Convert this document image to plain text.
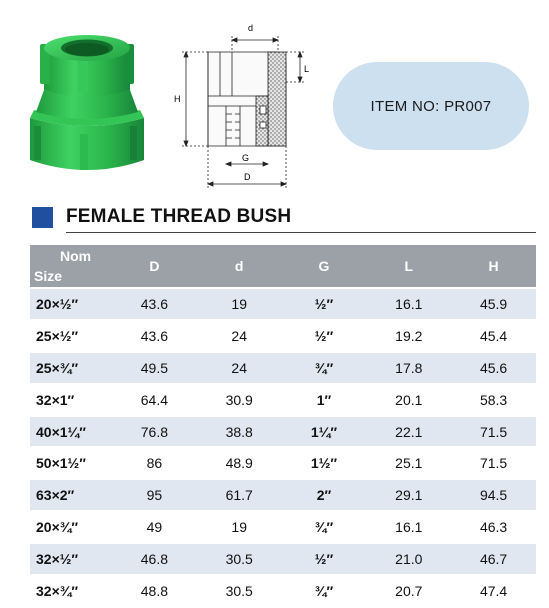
d
L
H
G
D
ITEM NO: PR007
FEMALE THREAD BUSH
Nom
Size	D	d	G	L	H
20×½″	43.6	19	½″	16.1	45.9
25×½″	43.6	24	½″	19.2	45.4
25×¾″	49.5	24	¾″	17.8	45.6
32×1″	64.4	30.9	1″	20.1	58.3
40×1¼″	76.8	38.8	1¼″	22.1	71.5
50×1½″	86	48.9	1½″	25.1	71.5
63×2″	95	61.7	2″	29.1	94.5
20×¾″	49	19	¾″	16.1	46.3
32×½″	46.8	30.5	½″	21.0	46.7
32×¾″	48.8	30.5	¾″	20.7	47.4
